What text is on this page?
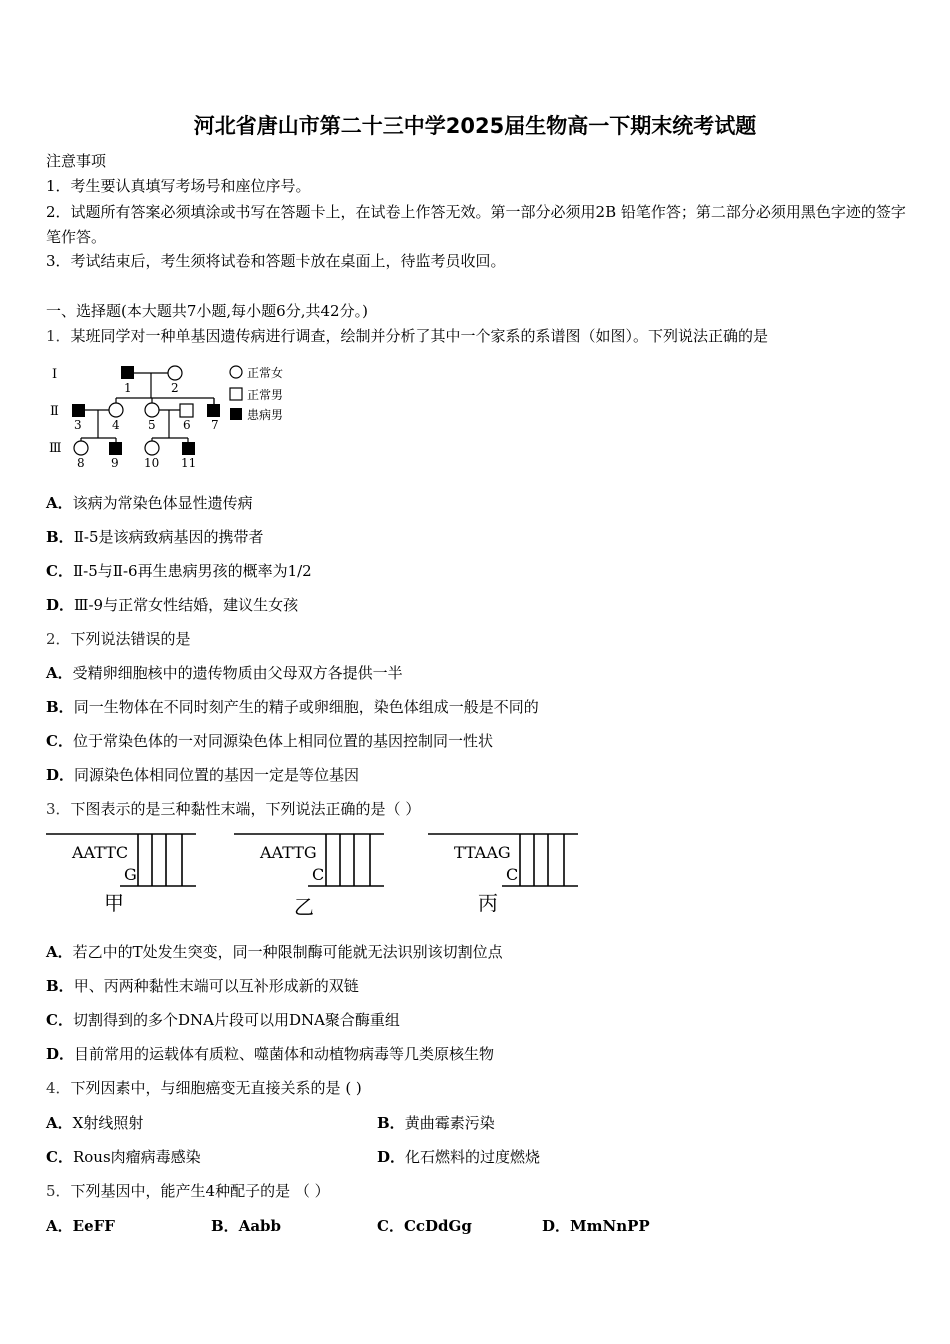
河北省唐山市第二十三中学2025届生物高一下期末统考试题
注意事项
1．考生要认真填写考场号和座位序号。
2．试题所有答案必须填涂或书写在答题卡上，在试卷上作答无效。第一部分必须用2B 铅笔作答；第二部分必须用黑色字迹的签字笔作答。
3．考试结束后，考生须将试卷和答题卡放在桌面上，待监考员收回。
一、选择题(本大题共7小题,每小题6分,共42分。)
1．某班同学对一种单基因遗传病进行调查，绘制并分析了其中一个家系的系谱图（如图）。下列说法正确的是
Ⅰ
Ⅱ
Ⅲ
1	2
3	4 5 6 7
8 9 10 11
正常女
正常男
患病男
A．该病为常染色体显性遗传病
B．Ⅱ-5是该病致病基因的携带者
C．Ⅱ-5与Ⅱ-6再生患病男孩的概率为1/2
D．Ⅲ-9与正常女性结婚，建议生女孩
2．下列说法错误的是
A．受精卵细胞核中的遗传物质由父母双方各提供一半
B．同一生物体在不同时刻产生的精子或卵细胞，染色体组成一般是不同的
C．位于常染色体的一对同源染色体上相同位置的基因控制同一性状
D．同源染色体相同位置的基因一定是等位基因
3．下图表示的是三种黏性末端，下列说法正确的是（ ）
AATTC
G
AATTG
C
TTAAG
C
甲	乙	丙
A．若乙中的T处发生突变，同一种限制酶可能就无法识别该切割位点
B．甲、丙两种黏性末端可以互补形成新的双链
C．切割得到的多个DNA片段可以用DNA聚合酶重组
D．目前常用的运载体有质粒、噬菌体和动植物病毒等几类原核生物
4．下列因素中，与细胞癌变无直接关系的是 ( )
A．X射线照射	B．黄曲霉素污染
C．Rous肉瘤病毒感染	D．化石燃料的过度燃烧
5．下列基因中，能产生4种配子的是 （ ）
A．EeFF	B．Aabb	C．CcDdGg	D．MmNnPP
